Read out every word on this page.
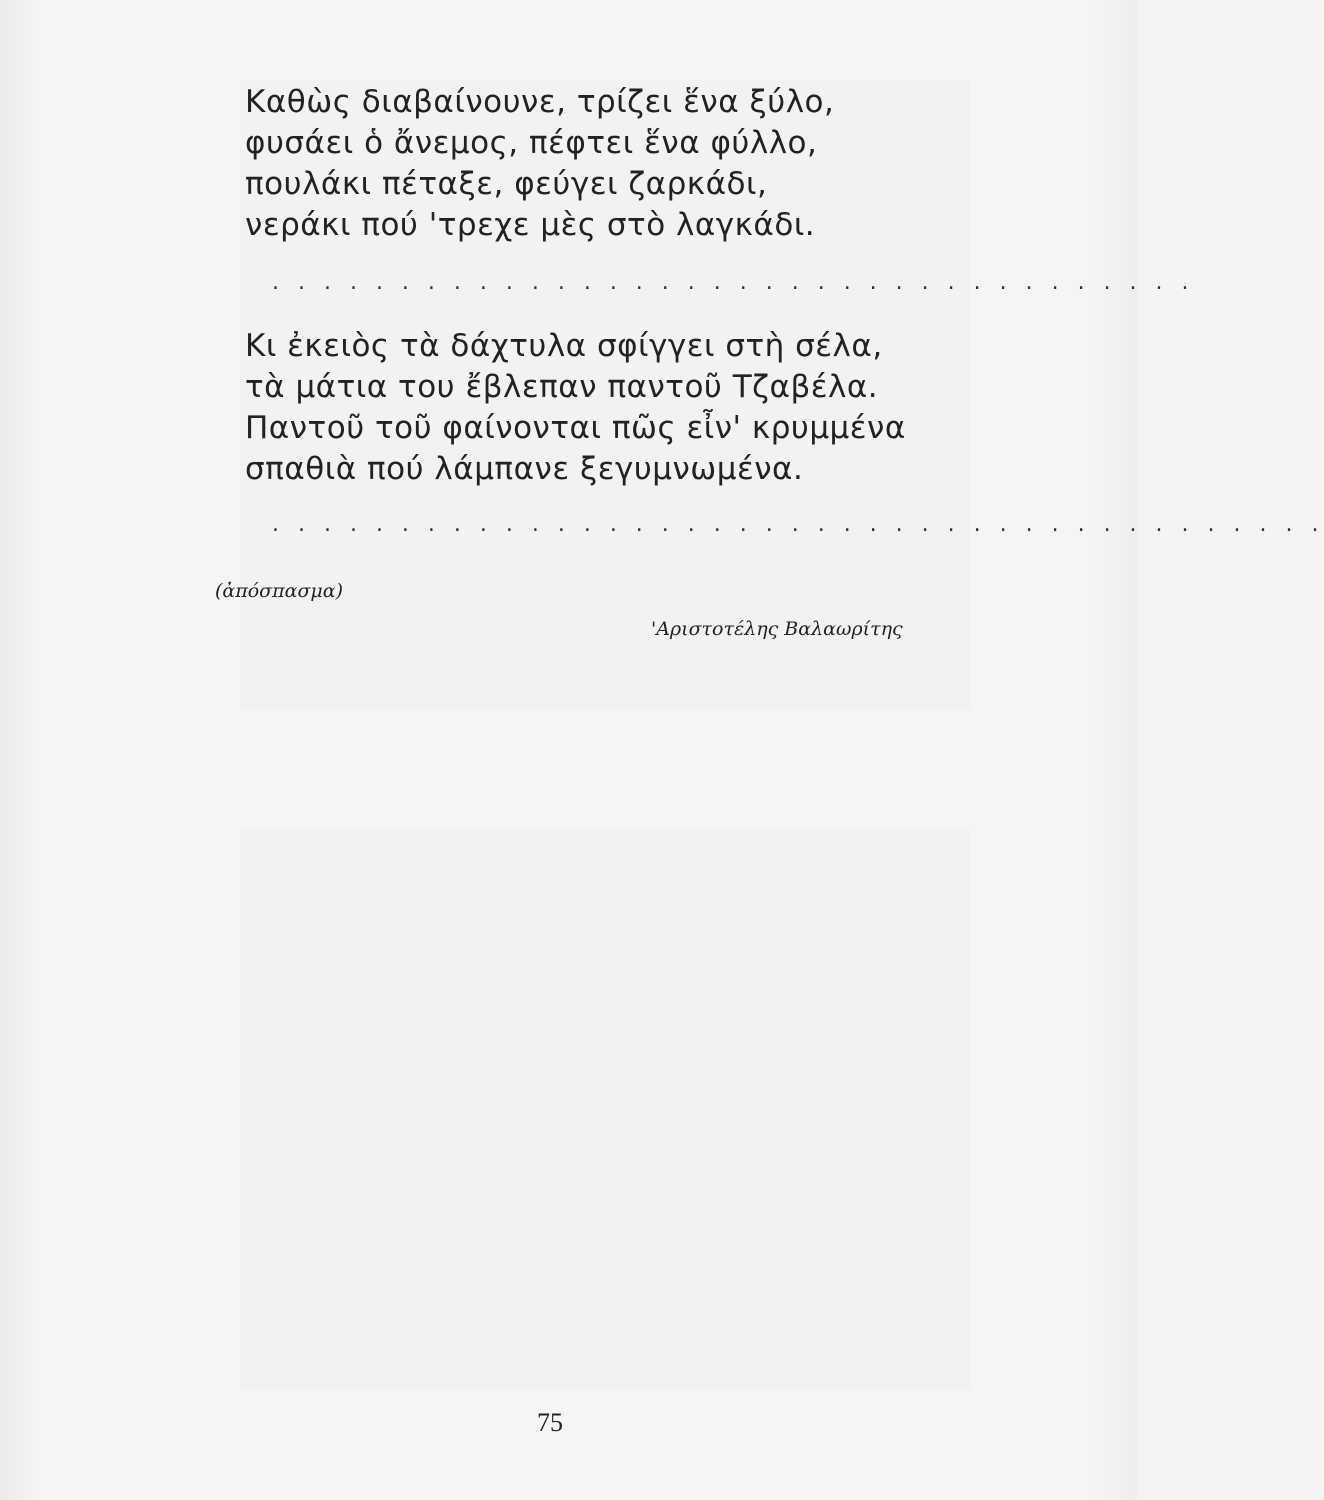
Καθὼς διαβαίνουνε, τρίζει ἕνα ξύλο,
φυσάει ὁ ἄνεμος, πέφτει ἕνα φύλλο,
πουλάκι πέταξε, φεύγει ζαρκάδι,
νεράκι πού 'τρεχε μὲς στὸ λαγκάδι.
. . . . . . . . . . . . . . . . . . . . . . . . . . . . . . . . . . . .
Κι ἐκειὸς τὰ δάχτυλα σφίγγει στὴ σέλα,
τὰ μάτια του ἔβλεπαν παντοῦ Τζαβέλα.
Παντοῦ τοῦ φαίνονται πῶς εἶν' κρυμμένα
σπαθιὰ πού λάμπανε ξεγυμνωμένα.
. . . . . . . . . . . . . . . . . . . . . . . . . . . . . . . . . . . . . . . . .
(ἀπόσπασμα)
'Αριστοτέλης Βαλαωρίτης
75
